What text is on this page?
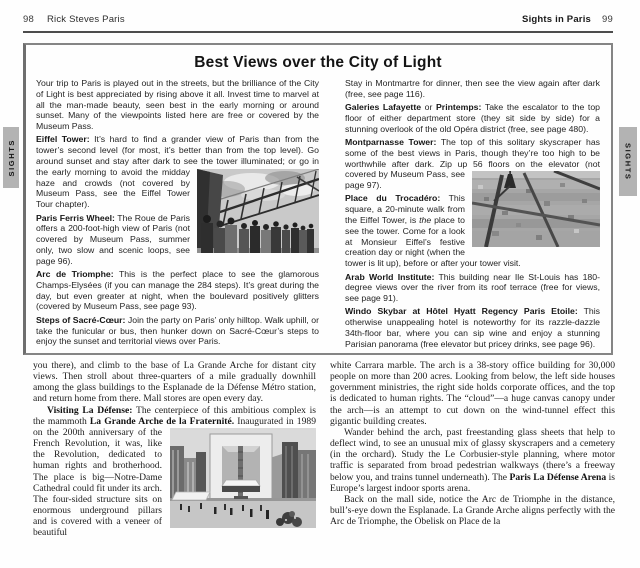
98 Rick Steves Paris	Sights in Paris 99
SIGHTS	SIGHTS
Best Views over the City of Light

Your trip to Paris is played out in the streets, but the brilliance of the City of Light is best appreciated by rising above it all. Invest time to marvel at all the man-made beauty, seen best in the early morning or around sunset. Many of the viewpoints listed here are free or covered by the Museum Pass.

Eiffel Tower: It’s hard to find a grander view of Paris than from the tower’s second level (for most, it’s better than from the top level). Go around sunset and stay after dark to see the tower illuminated;
or go in the early morning to avoid the midday haze and crowds (not covered by Museum Pass, see the Eiffel Tower Tour chapter).

Paris Ferris Wheel: The Roue de Paris offers a 200-foot-high view of Paris (not covered by Museum Pass, summer only, two slow and scenic loops, see page 96).

Arc de Triomphe: This is the perfect place to see the glamorous Champs-Elysées (if you can manage the 284 steps). It’s great during the day, but even greater at night, when the boulevard positively glitters (covered by Museum Pass, see page 93).

Steps of Sacré-Cœur: Join the party on Paris’ only hilltop. Walk uphill, or take the funicular or bus, then hunker down on Sacré-Cœur’s steps to enjoy the sunset and territorial views over Paris.

Stay in Montmartre for dinner, then see the view again after dark (free, see page 116).

Galeries Lafayette or Printemps: Take the escalator to the top floor of either department store (they sit side by side) for a stunning overlook of the old Opéra district (free, see page 480).

Montparnasse Tower: The top of this solitary skyscraper has some of the best views in Paris, though they’re too high to be worthwhile after dark. Zip up 56 floors on the elevator (not
covered by Museum Pass, see page 97).

Place du Trocadéro: This square, a 20-minute walk from the Eiffel Tower, is the place to see the tower. Come for a look at Monsieur Eiffel’s festive creation day or night (when the tower is lit up), before or after your tower visit.

Arab World Institute: This building near Ile St-Louis has 180-degree views over the river from its roof terrace (free for views, see page 91).

Windo Skybar at Hôtel Hyatt Regency Paris Etoile: This otherwise unappealing hotel is noteworthy for its razzle-dazzle 34th-floor bar, where you can sip wine and enjoy a stunning Parisian panorama (free elevator but pricey drinks, see page 96).

you there), and climb to the base of La Grande Arche for distant city views. Then stroll about three-quarters of a mile gradually downhill among the glass buildings to the Esplanade de la Défense Métro station, and return home from there. Mall stores are open every day.

Visiting La Défense: The centerpiece of this ambitious complex is the mammoth La Grande Arche de la Fraternité. Inaugurated
in 1989 on the 200th anniversary of the French Revolution, it was, like the Revolution, dedicated to human rights and brotherhood. The place is big—Notre-Dame Cathedral could fit under its arch. The four-sided structure sits on enormous underground pillars and is covered with a veneer of beautiful

white Carrara marble. The arch is a 38-story office building for 30,000 people on more than 200 acres. Looking from below, the left side houses government ministries, the right side holds corporate offices, and the top is dedicated to human rights. The “cloud”—a huge canvas canopy under the arch—is an attempt to cut down on the wind-tunnel effect this gigantic building creates.

Wander behind the arch, past freestanding glass sheets that help to deflect wind, to see an unusual mix of glassy skyscrapers and a cemetery (in the orchard). Study the Le Corbusier-style planning, where motor traffic is separated from broad pedestrian walkways (there’s a freeway below you, and trains tunnel underneath). The Paris La Défense Arena is Europe’s largest indoor sports arena.

Back on the mall side, notice the Arc de Triomphe in the distance, bull’s-eye down the Esplanade. La Grande Arche aligns perfectly with the Arc de Triomphe, the Obelisk on Place de la
